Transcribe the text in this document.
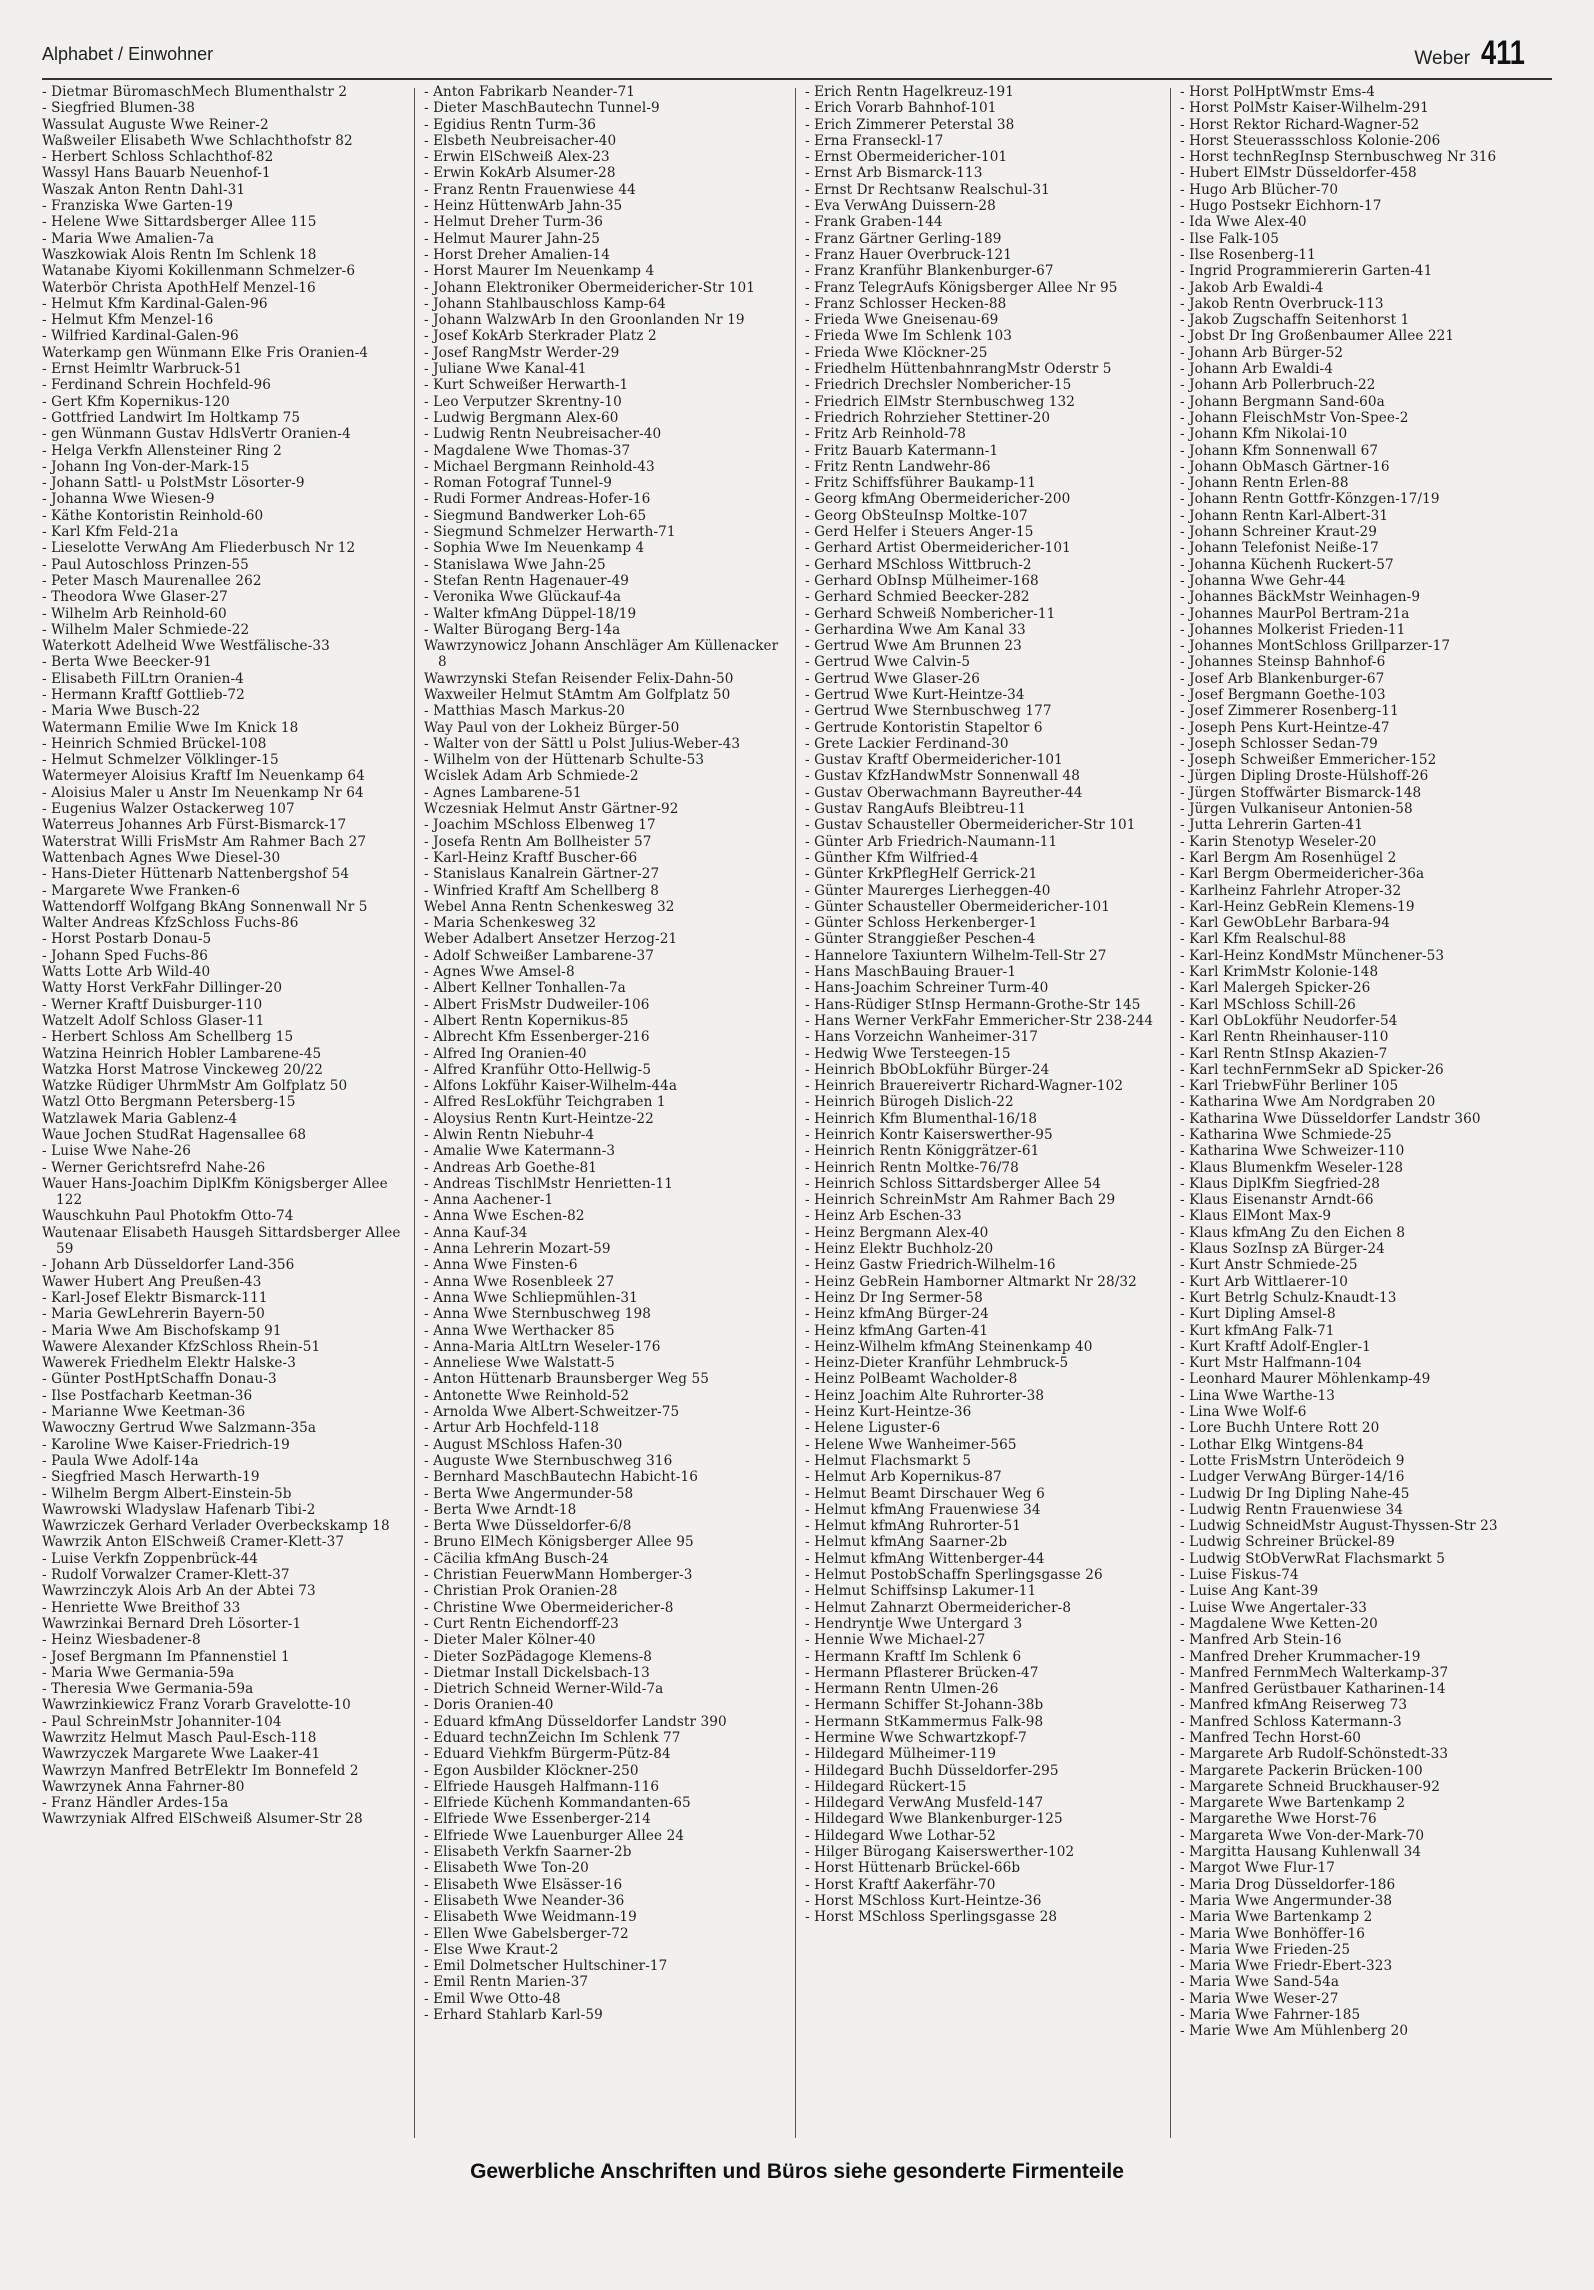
Alphabet / Einwohner	Weber 411
- Dietmar BüromaschMech Blumenthalstr 2
- Siegfried Blumen-38
Wassulat Auguste Wwe Reiner-2
Waßweiler Elisabeth Wwe Schlachthofstr 82
- Herbert Schloss Schlachthof-82
Wassyl Hans Bauarb Neuenhof-1
Waszak Anton Rentn Dahl-31
- Franziska Wwe Garten-19
- Helene Wwe Sittardsberger Allee 115
- Maria Wwe Amalien-7a
Waszkowiak Alois Rentn Im Schlenk 18
Watanabe Kiyomi Kokillenmann Schmelzer-6
Waterbör Christa ApothHelf Menzel-16
- Helmut Kfm Kardinal-Galen-96
- Helmut Kfm Menzel-16
- Wilfried Kardinal-Galen-96
Waterkamp gen Wünmann Elke Fris Oranien-4
- Ernst Heimltr Warbruck-51
- Ferdinand Schrein Hochfeld-96
- Gert Kfm Kopernikus-120
- Gottfried Landwirt Im Holtkamp 75
- gen Wünmann Gustav HdlsVertr Oranien-4
- Helga Verkfn Allensteiner Ring 2
- Johann Ing Von-der-Mark-15
- Johann Sattl- u PolstMstr Lösorter-9
- Johanna Wwe Wiesen-9
- Käthe Kontoristin Reinhold-60
- Karl Kfm Feld-21a
- Lieselotte VerwAng Am Fliederbusch Nr 12
- Paul Autoschloss Prinzen-55
- Peter Masch Maurenallee 262
- Theodora Wwe Glaser-27
- Wilhelm Arb Reinhold-60
- Wilhelm Maler Schmiede-22
Waterkott Adelheid Wwe Westfälische-33
- Berta Wwe Beecker-91
- Elisabeth FilLtrn Oranien-4
- Hermann Kraftf Gottlieb-72
- Maria Wwe Busch-22
Watermann Emilie Wwe Im Knick 18
- Heinrich Schmied Brückel-108
- Helmut Schmelzer Völklinger-15
Watermeyer Aloisius Kraftf Im Neuenkamp 64
- Aloisius Maler u Anstr Im Neuenkamp Nr 64
- Eugenius Walzer Ostackerweg 107
Waterreus Johannes Arb Fürst-Bismarck-17
Waterstrat Willi FrisMstr Am Rahmer Bach 27
Wattenbach Agnes Wwe Diesel-30
- Hans-Dieter Hüttenarb Nattenbergshof 54
- Margarete Wwe Franken-6
Wattendorff Wolfgang BkAng Sonnenwall Nr 5
Walter Andreas KfzSchloss Fuchs-86
- Horst Postarb Donau-5
- Johann Sped Fuchs-86
Watts Lotte Arb Wild-40
Watty Horst VerkFahr Dillinger-20
- Werner Kraftf Duisburger-110
Watzelt Adolf Schloss Glaser-11
- Herbert Schloss Am Schellberg 15
Watzina Heinrich Hobler Lambarene-45
Watzka Horst Matrose Vinckeweg 20/22
Watzke Rüdiger UhrmMstr Am Golfplatz 50
Watzl Otto Bergmann Petersberg-15
Watzlawek Maria Gablenz-4
Waue Jochen StudRat Hagensallee 68
- Luise Wwe Nahe-26
- Werner Gerichtsrefrd Nahe-26
Wauer Hans-Joachim DiplKfm Königsberger Allee 122
Wauschkuhn Paul Photokfm Otto-74
Wautenaar Elisabeth Hausgeh Sittardsberger Allee 59
- Johann Arb Düsseldorfer Land-356
Wawer Hubert Ang Preußen-43
- Karl-Josef Elektr Bismarck-111
- Maria GewLehrerin Bayern-50
- Maria Wwe Am Bischofskamp 91
Wawere Alexander KfzSchloss Rhein-51
Wawerek Friedhelm Elektr Halske-3
- Günter PostHptSchaffn Donau-3
- Ilse Postfacharb Keetman-36
- Marianne Wwe Keetman-36
Wawoczny Gertrud Wwe Salzmann-35a
- Karoline Wwe Kaiser-Friedrich-19
- Paula Wwe Adolf-14a
- Siegfried Masch Herwarth-19
- Wilhelm Bergm Albert-Einstein-5b
Wawrowski Wladyslaw Hafenarb Tibi-2
Wawrziczek Gerhard Verlader Overbeckskamp 18
Wawrzik Anton ElSchweiß Cramer-Klett-37
- Luise Verkfn Zoppenbrück-44
- Rudolf Vorwalzer Cramer-Klett-37
Wawrzinczyk Alois Arb An der Abtei 73
- Henriette Wwe Breithof 33
Wawrzinkai Bernard Dreh Lösorter-1
- Heinz Wiesbadener-8
- Josef Bergmann Im Pfannenstiel 1
- Maria Wwe Germania-59a
- Theresia Wwe Germania-59a
Wawrzinkiewicz Franz Vorarb Gravelotte-10
- Paul SchreinMstr Johanniter-104
Wawrzitz Helmut Masch Paul-Esch-118
Wawrzyczek Margarete Wwe Laaker-41
Wawrzyn Manfred BetrElektr Im Bonnefeld 2
Wawrzynek Anna Fahrner-80
- Franz Händler Ardes-15a
Wawrzyniak Alfred ElSchweiß Alsumer-Str 28
- Anton Fabrikarb Neander-71
- Dieter MaschBautechn Tunnel-9
- Egidius Rentn Turm-36
- Elsbeth Neubreisacher-40
- Erwin ElSchweiß Alex-23
- Erwin KokArb Alsumer-28
- Franz Rentn Frauenwiese 44
- Heinz HüttenwArb Jahn-35
- Helmut Dreher Turm-36
- Helmut Maurer Jahn-25
- Horst Dreher Amalien-14
- Horst Maurer Im Neuenkamp 4
- Johann Elektroniker Obermeidericher-Str 101
- Johann Stahlbauschloss Kamp-64
- Johann WalzwArb In den Groonlanden Nr 19
- Josef KokArb Sterkrader Platz 2
- Josef RangMstr Werder-29
- Juliane Wwe Kanal-41
- Kurt Schweißer Herwarth-1
- Leo Verputzer Skrentny-10
- Ludwig Bergmann Alex-60
- Ludwig Rentn Neubreisacher-40
- Magdalene Wwe Thomas-37
- Michael Bergmann Reinhold-43
- Roman Fotograf Tunnel-9
- Rudi Former Andreas-Hofer-16
- Siegmund Bandwerker Loh-65
- Siegmund Schmelzer Herwarth-71
- Sophia Wwe Im Neuenkamp 4
- Stanislawa Wwe Jahn-25
- Stefan Rentn Hagenauer-49
- Veronika Wwe Glückauf-4a
- Walter kfmAng Düppel-18/19
- Walter Bürogang Berg-14a
Wawrzynowicz Johann Anschläger Am Küllenacker 8
Wawrzynski Stefan Reisender Felix-Dahn-50
Waxweiler Helmut StAmtm Am Golfplatz 50
- Matthias Masch Markus-20
Way Paul von der Lokheiz Bürger-50
- Walter von der Sättl u Polst Julius-Weber-43
- Wilhelm von der Hüttenarb Schulte-53
Wcislek Adam Arb Schmiede-2
- Agnes Lambarene-51
Wczesniak Helmut Anstr Gärtner-92
- Joachim MSchloss Elbenweg 17
- Josefa Rentn Am Bollheister 57
- Karl-Heinz Kraftf Buscher-66
- Stanislaus Kanalrein Gärtner-27
- Winfried Kraftf Am Schellberg 8
Webel Anna Rentn Schenkesweg 32
- Maria Schenkesweg 32
Weber Adalbert Ansetzer Herzog-21
- Adolf Schweißer Lambarene-37
- Agnes Wwe Amsel-8
- Albert Kellner Tonhallen-7a
- Albert FrisMstr Dudweiler-106
- Albert Rentn Kopernikus-85
- Albrecht Kfm Essenberger-216
- Alfred Ing Oranien-40
- Alfred Kranführ Otto-Hellwig-5
- Alfons Lokführ Kaiser-Wilhelm-44a
- Alfred ResLokführ Teichgraben 1
- Aloysius Rentn Kurt-Heintze-22
- Alwin Rentn Niebuhr-4
- Amalie Wwe Katermann-3
- Andreas Arb Goethe-81
- Andreas TischlMstr Henrietten-11
- Anna Aachener-1
- Anna Wwe Eschen-82
- Anna Kauf-34
- Anna Lehrerin Mozart-59
- Anna Wwe Finsten-6
- Anna Wwe Rosenbleek 27
- Anna Wwe Schliepmühlen-31
- Anna Wwe Sternbuschweg 198
- Anna Wwe Werthacker 85
- Anna-Maria AltLtrn Weseler-176
- Anneliese Wwe Walstatt-5
- Anton Hüttenarb Braunsberger Weg 55
- Antonette Wwe Reinhold-52
- Arnolda Wwe Albert-Schweitzer-75
- Artur Arb Hochfeld-118
- August MSchloss Hafen-30
- Auguste Wwe Sternbuschweg 316
- Bernhard MaschBautechn Habicht-16
- Berta Wwe Angermunder-58
- Berta Wwe Arndt-18
- Berta Wwe Düsseldorfer-6/8
- Bruno ElMech Königsberger Allee 95
- Cäcilia kfmAng Busch-24
- Christian FeuerwMann Homberger-3
- Christian Prok Oranien-28
- Christine Wwe Obermeidericher-8
- Curt Rentn Eichendorff-23
- Dieter Maler Kölner-40
- Dieter SozPädagoge Klemens-8
- Dietmar Install Dickelsbach-13
- Dietrich Schneid Werner-Wild-7a
- Doris Oranien-40
- Eduard kfmAng Düsseldorfer Landstr 390
- Eduard technZeichn Im Schlenk 77
- Eduard Viehkfm Bürgerm-Pütz-84
- Egon Ausbilder Klöckner-250
- Elfriede Hausgeh Halfmann-116
- Elfriede Küchenh Kommandanten-65
- Elfriede Wwe Essenberger-214
- Elfriede Wwe Lauenburger Allee 24
- Elisabeth Verkfn Saarner-2b
- Elisabeth Wwe Ton-20
- Elisabeth Wwe Elsässer-16
- Elisabeth Wwe Neander-36
- Elisabeth Wwe Weidmann-19
- Ellen Wwe Gabelsberger-72
- Else Wwe Kraut-2
- Emil Dolmetscher Hultschiner-17
- Emil Rentn Marien-37
- Emil Wwe Otto-48
- Erhard Stahlarb Karl-59
- Erich Rentn Hagelkreuz-191
- Erich Vorarb Bahnhof-101
- Erich Zimmerer Peterstal 38
- Erna Franseckl-17
- Ernst Obermeidericher-101
- Ernst Arb Bismarck-113
- Ernst Dr Rechtsanw Realschul-31
- Eva VerwAng Duissern-28
- Frank Graben-144
- Franz Gärtner Gerling-189
- Franz Hauer Overbruck-121
- Franz Kranführ Blankenburger-67
- Franz TelegrAufs Königsberger Allee Nr 95
- Franz Schlosser Hecken-88
- Frieda Wwe Gneisenau-69
- Frieda Wwe Im Schlenk 103
- Frieda Wwe Klöckner-25
- Friedhelm HüttenbahnrangMstr Oderstr 5
- Friedrich Drechsler Nombericher-15
- Friedrich ElMstr Sternbuschweg 132
- Friedrich Rohrzieher Stettiner-20
- Fritz Arb Reinhold-78
- Fritz Bauarb Katermann-1
- Fritz Rentn Landwehr-86
- Fritz Schiffsführer Baukamp-11
- Georg kfmAng Obermeidericher-200
- Georg ObSteuInsp Moltke-107
- Gerd Helfer i Steuers Anger-15
- Gerhard Artist Obermeidericher-101
- Gerhard MSchloss Wittbruch-2
- Gerhard ObInsp Mülheimer-168
- Gerhard Schmied Beecker-282
- Gerhard Schweiß Nombericher-11
- Gerhardina Wwe Am Kanal 33
- Gertrud Wwe Am Brunnen 23
- Gertrud Wwe Calvin-5
- Gertrud Wwe Glaser-26
- Gertrud Wwe Kurt-Heintze-34
- Gertrud Wwe Sternbuschweg 177
- Gertrude Kontoristin Stapeltor 6
- Grete Lackier Ferdinand-30
- Gustav Kraftf Obermeidericher-101
- Gustav KfzHandwMstr Sonnenwall 48
- Gustav Oberwachmann Bayreuther-44
- Gustav RangAufs Bleibtreu-11
- Gustav Schausteller Obermeidericher-Str 101
- Günter Arb Friedrich-Naumann-11
- Günther Kfm Wilfried-4
- Günter KrkPflegHelf Gerrick-21
- Günter Maurerges Lierheggen-40
- Günter Schausteller Obermeidericher-101
- Günter Schloss Herkenberger-1
- Günter Stranggießer Peschen-4
- Hannelore Taxiuntern Wilhelm-Tell-Str 27
- Hans MaschBauing Brauer-1
- Hans-Joachim Schreiner Turm-40
- Hans-Rüdiger StInsp Hermann-Grothe-Str 145
- Hans Werner VerkFahr Emmericher-Str 238-244
- Hans Vorzeichn Wanheimer-317
- Hedwig Wwe Tersteegen-15
- Heinrich BbObLokführ Bürger-24
- Heinrich Brauereivertr Richard-Wagner-102
- Heinrich Bürogeh Dislich-22
- Heinrich Kfm Blumenthal-16/18
- Heinrich Kontr Kaiserswerther-95
- Heinrich Rentn Königgrätzer-61
- Heinrich Rentn Moltke-76/78
- Heinrich Schloss Sittardsberger Allee 54
- Heinrich SchreinMstr Am Rahmer Bach 29
- Heinz Arb Eschen-33
- Heinz Bergmann Alex-40
- Heinz Elektr Buchholz-20
- Heinz Gastw Friedrich-Wilhelm-16
- Heinz GebRein Hamborner Altmarkt Nr 28/32
- Heinz Dr Ing Sermer-58
- Heinz kfmAng Bürger-24
- Heinz kfmAng Garten-41
- Heinz-Wilhelm kfmAng Steinenkamp 40
- Heinz-Dieter Kranführ Lehmbruck-5
- Heinz PolBeamt Wacholder-8
- Heinz Joachim Alte Ruhrorter-38
- Heinz Kurt-Heintze-36
- Helene Liguster-6
- Helene Wwe Wanheimer-565
- Helmut Flachsmarkt 5
- Helmut Arb Kopernikus-87
- Helmut Beamt Dirschauer Weg 6
- Helmut kfmAng Frauenwiese 34
- Helmut kfmAng Ruhrorter-51
- Helmut kfmAng Saarner-2b
- Helmut kfmAng Wittenberger-44
- Helmut PostobSchaffn Sperlingsgasse 26
- Helmut Schiffsinsp Lakumer-11
- Helmut Zahnarzt Obermeidericher-8
- Hendryntje Wwe Untergard 3
- Hennie Wwe Michael-27
- Hermann Kraftf Im Schlenk 6
- Hermann Pflasterer Brücken-47
- Hermann Rentn Ulmen-26
- Hermann Schiffer St-Johann-38b
- Hermann StKammermus Falk-98
- Hermine Wwe Schwartzkopf-7
- Hildegard Mülheimer-119
- Hildegard Buchh Düsseldorfer-295
- Hildegard Rückert-15
- Hildegard VerwAng Musfeld-147
- Hildegard Wwe Blankenburger-125
- Hildegard Wwe Lothar-52
- Hilger Bürogang Kaiserswerther-102
- Horst Hüttenarb Brückel-66b
- Horst Kraftf Aakerfähr-70
- Horst MSchloss Kurt-Heintze-36
- Horst MSchloss Sperlingsgasse 28
- Horst PolHptWmstr Ems-4
- Horst PolMstr Kaiser-Wilhelm-291
- Horst Rektor Richard-Wagner-52
- Horst Steuerassschloss Kolonie-206
- Horst technRegInsp Sternbuschweg Nr 316
- Hubert ElMstr Düsseldorfer-458
- Hugo Arb Blücher-70
- Hugo Postsekr Eichhorn-17
- Ida Wwe Alex-40
- Ilse Falk-105
- Ilse Rosenberg-11
- Ingrid Programmiererin Garten-41
- Jakob Arb Ewaldi-4
- Jakob Rentn Overbruck-113
- Jakob Zugschaffn Seitenhorst 1
- Jobst Dr Ing Großenbaumer Allee 221
- Johann Arb Bürger-52
- Johann Arb Ewaldi-4
- Johann Arb Pollerbruch-22
- Johann Bergmann Sand-60a
- Johann FleischMstr Von-Spee-2
- Johann Kfm Nikolai-10
- Johann Kfm Sonnenwall 67
- Johann ObMasch Gärtner-16
- Johann Rentn Erlen-88
- Johann Rentn Gottfr-Könzgen-17/19
- Johann Rentn Karl-Albert-31
- Johann Schreiner Kraut-29
- Johann Telefonist Neiße-17
- Johanna Küchenh Ruckert-57
- Johanna Wwe Gehr-44
- Johannes BäckMstr Weinhagen-9
- Johannes MaurPol Bertram-21a
- Johannes Molkerist Frieden-11
- Johannes MontSchloss Grillparzer-17
- Johannes Steinsp Bahnhof-6
- Josef Arb Blankenburger-67
- Josef Bergmann Goethe-103
- Josef Zimmerer Rosenberg-11
- Joseph Pens Kurt-Heintze-47
- Joseph Schlosser Sedan-79
- Joseph Schweißer Emmericher-152
- Jürgen Dipling Droste-Hülshoff-26
- Jürgen Stoffwärter Bismarck-148
- Jürgen Vulkaniseur Antonien-58
- Jutta Lehrerin Garten-41
- Karin Stenotyp Weseler-20
- Karl Bergm Am Rosenhügel 2
- Karl Bergm Obermeidericher-36a
- Karlheinz Fahrlehr Atroper-32
- Karl-Heinz GebRein Klemens-19
- Karl GewObLehr Barbara-94
- Karl Kfm Realschul-88
- Karl-Heinz KondMstr Münchener-53
- Karl KrimMstr Kolonie-148
- Karl Malergeh Spicker-26
- Karl MSchloss Schill-26
- Karl ObLokführ Neudorfer-54
- Karl Rentn Rheinhauser-110
- Karl Rentn StInsp Akazien-7
- Karl technFernmSekr aD Spicker-26
- Karl TriebwFühr Berliner 105
- Katharina Wwe Am Nordgraben 20
- Katharina Wwe Düsseldorfer Landstr 360
- Katharina Wwe Schmiede-25
- Katharina Wwe Schweizer-110
- Klaus Blumenkfm Weseler-128
- Klaus DiplKfm Siegfried-28
- Klaus Eisenanstr Arndt-66
- Klaus ElMont Max-9
- Klaus kfmAng Zu den Eichen 8
- Klaus SozInsp zA Bürger-24
- Kurt Anstr Schmiede-25
- Kurt Arb Wittlaerer-10
- Kurt Betrlg Schulz-Knaudt-13
- Kurt Dipling Amsel-8
- Kurt kfmAng Falk-71
- Kurt Kraftf Adolf-Engler-1
- Kurt Mstr Halfmann-104
- Leonhard Maurer Möhlenkamp-49
- Lina Wwe Warthe-13
- Lina Wwe Wolf-6
- Lore Buchh Untere Rott 20
- Lothar Elkg Wintgens-84
- Lotte FrisMstrn Unterödeich 9
- Ludger VerwAng Bürger-14/16
- Ludwig Dr Ing Dipling Nahe-45
- Ludwig Rentn Frauenwiese 34
- Ludwig SchneidMstr August-Thyssen-Str 23
- Ludwig Schreiner Brückel-89
- Ludwig StObVerwRat Flachsmarkt 5
- Luise Fiskus-74
- Luise Ang Kant-39
- Luise Wwe Angertaler-33
- Magdalene Wwe Ketten-20
- Manfred Arb Stein-16
- Manfred Dreher Krummacher-19
- Manfred FernmMech Walterkamp-37
- Manfred Gerüstbauer Katharinen-14
- Manfred kfmAng Reiserweg 73
- Manfred Schloss Katermann-3
- Manfred Techn Horst-60
- Margarete Arb Rudolf-Schönstedt-33
- Margarete Packerin Brücken-100
- Margarete Schneid Bruckhauser-92
- Margarete Wwe Bartenkamp 2
- Margarethe Wwe Horst-76
- Margareta Wwe Von-der-Mark-70
- Margitta Hausang Kuhlenwall 34
- Margot Wwe Flur-17
- Maria Drog Düsseldorfer-186
- Maria Wwe Angermunder-38
- Maria Wwe Bartenkamp 2
- Maria Wwe Bonhöffer-16
- Maria Wwe Frieden-25
- Maria Wwe Friedr-Ebert-323
- Maria Wwe Sand-54a
- Maria Wwe Weser-27
- Maria Wwe Fahrner-185
- Marie Wwe Am Mühlenberg 20
Gewerbliche Anschriften und Büros siehe gesonderte Firmenteile
